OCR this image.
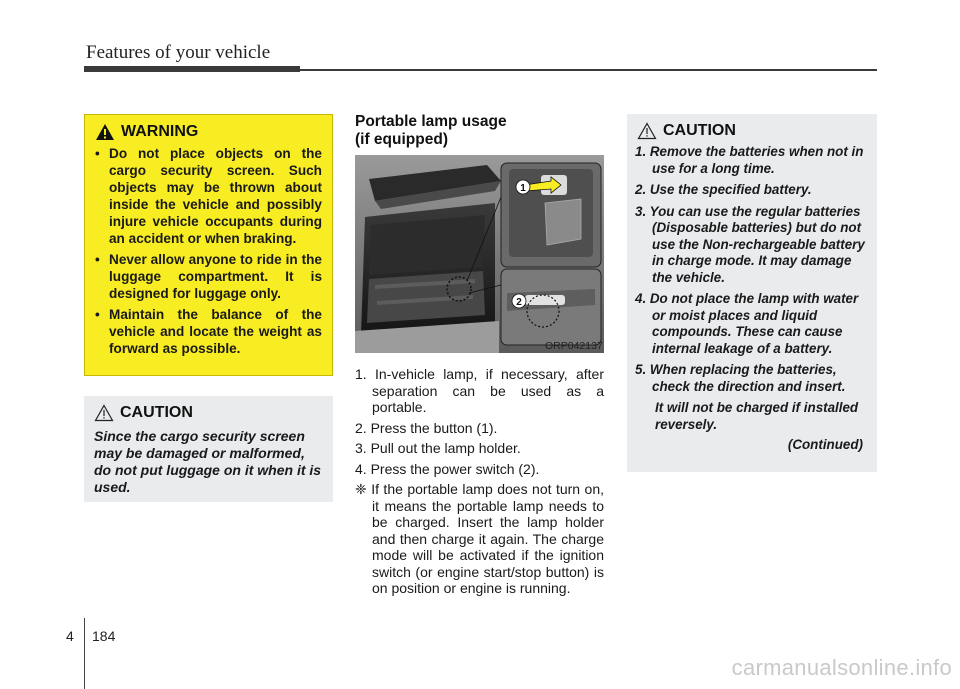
Features of your vehicle
WARNING
• Do not place objects on the cargo security screen. Such objects may be thrown about inside the vehicle and possibly injure vehicle occupants during an accident or when braking.
• Never allow anyone to ride in the luggage compartment. It is designed for luggage only.
• Maintain the balance of the vehicle and locate the weight as forward as possible.
CAUTION
Since the cargo security screen may be damaged or malformed, do not put luggage on it when it is used.
Portable lamp usage
(if equipped)
1
2
ORP042137
1. In-vehicle lamp, if necessary, after separation can be used as a portable.
2. Press the button (1).
3. Pull out the lamp holder.
4. Press the power switch (2).
❈ If the portable lamp does not turn on, it means the portable lamp needs to be charged. Insert the lamp holder and then charge it again. The charge mode will be activated if the ignition switch (or engine start/stop button) is on position or engine is running.
CAUTION
1. Remove the batteries when not in use for a long time.
2. Use the specified battery.
3. You can use the regular batteries (Disposable batteries) but do not use the Non-rechargeable battery in charge mode. It may damage the vehicle.
4. Do not place the lamp with water or moist places and liquid compounds. These can cause internal leakage of a battery.
5. When replacing the batteries, check the direction and insert.
It will not be charged if installed reversely.
(Continued)
4 184
carmanualsonline.info
